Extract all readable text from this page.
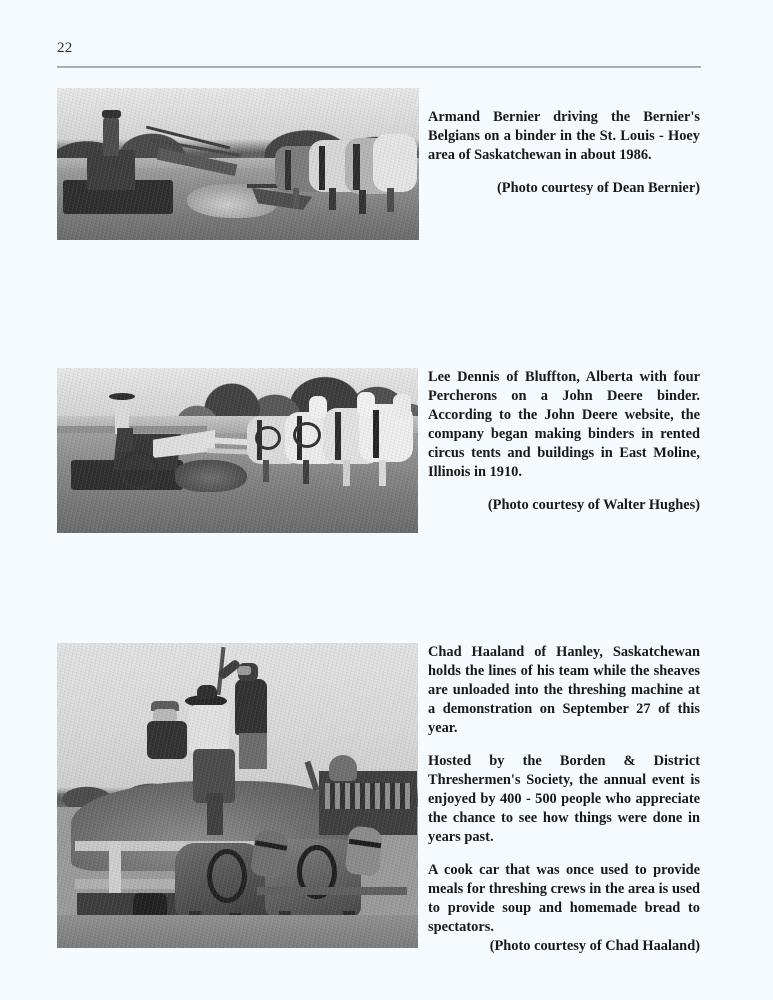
22

Armand Bernier driving the Bernier's Belgians on a binder in the St. Louis - Hoey area of Saskatchewan in about 1986.

(Photo courtesy of Dean Bernier)

Lee Dennis of Bluffton, Alberta with four Percherons on a John Deere binder. According to the John Deere website, the company began making binders in rented circus tents and buildings in East Moline, Illinois in 1910.

(Photo courtesy of Walter Hughes)

Chad Haaland of Hanley, Saskatchewan holds the lines of his team while the sheaves are unloaded into the threshing machine at a demonstration on September 27 of this year.

Hosted by the Borden & District Threshermen's Society, the annual event is enjoyed by 400 - 500 people who appreciate the chance to see how things were done in years past.

A cook car that was once used to provide meals for threshing crews in the area is used to provide soup and homemade bread to spectators.

(Photo courtesy of Chad Haaland)
